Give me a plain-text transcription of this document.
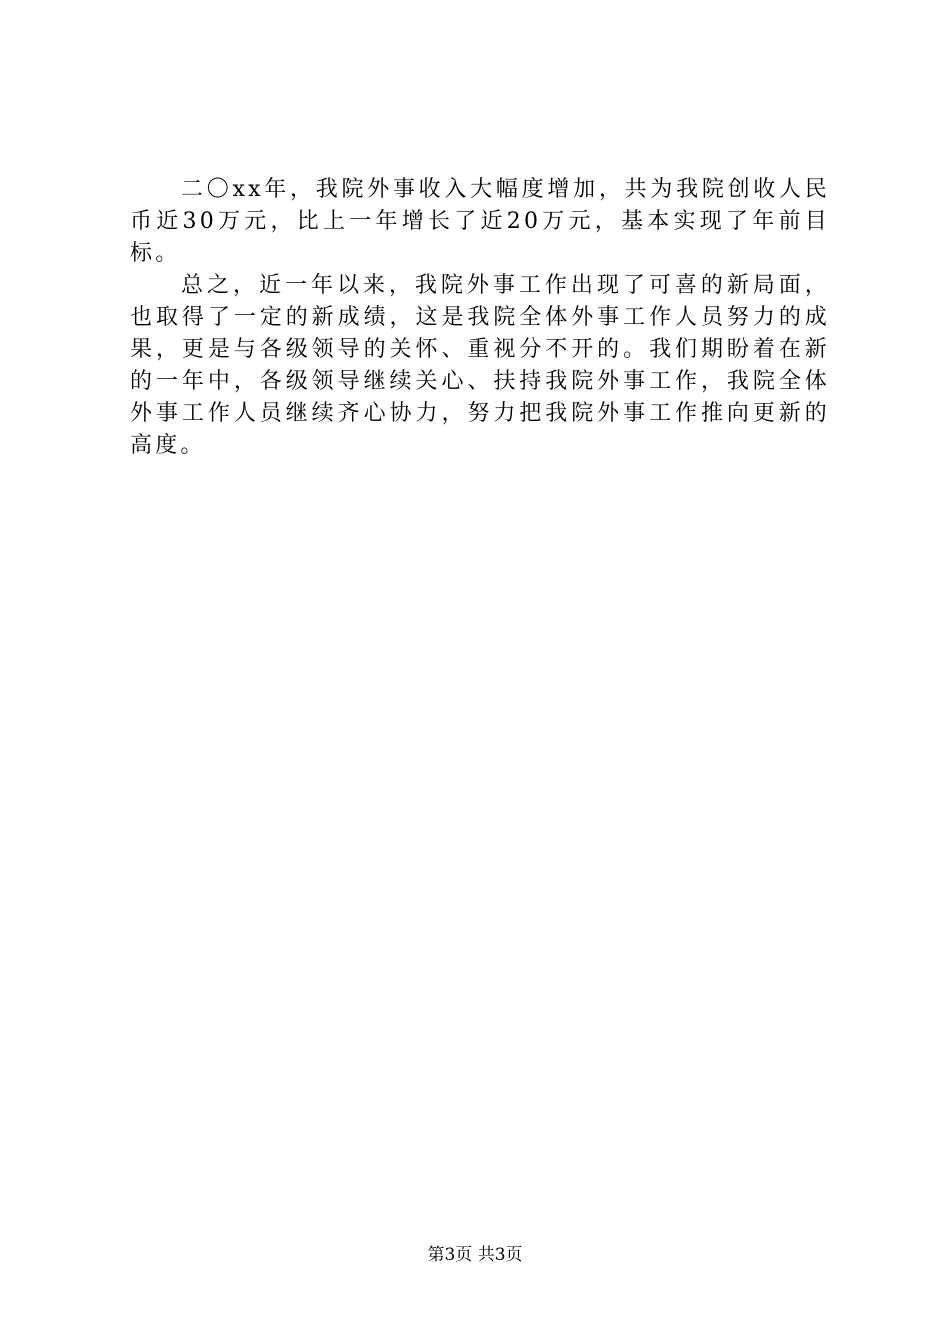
二〇xx年，我院外事收入大幅度增加，共为我院创收人民币近30万元，比上一年增长了近20万元，基本实现了年前目标。

总之，近一年以来，我院外事工作出现了可喜的新局面，也取得了一定的新成绩，这是我院全体外事工作人员努力的成果，更是与各级领导的关怀、重视分不开的。我们期盼着在新的一年中，各级领导继续关心、扶持我院外事工作，我院全体外事工作人员继续齐心协力，努力把我院外事工作推向更新的高度。

第3页 共3页
